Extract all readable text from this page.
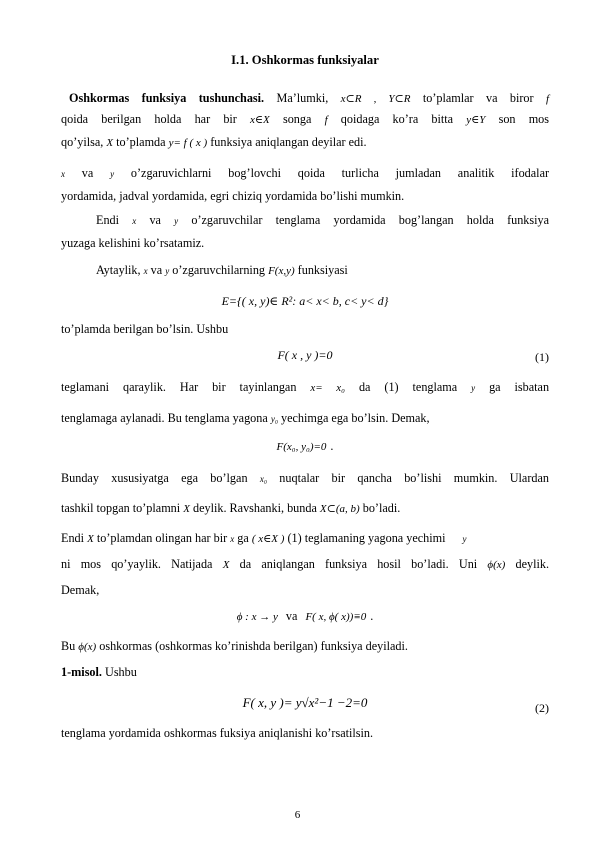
I.1. Oshkormas funksiyalar
Oshkormas funksiya tushunchasi. Ma’lumki, x⊂R , Y⊂R to’plamlar va biror f
qoida berilgan holda har bir x∈X songa f qoidaga ko’ra bitta y∈Y son mos
qo’yilsa, X to’plamda y= f ( x ) funksiya aniqlangan deyilar edi.
x va y o’zgaruvichlarni bog’lovchi qoida turlicha jumladan analitik ifodalar
yordamida, jadval yordamida, egri chiziq yordamida bo’lishi mumkin.
Endi x va y o’zgaruvchilar tenglama yordamida bog’langan holda funksiya
yuzaga kelishini ko’rsatamiz.
Aytaylik, x va y o’zgaruvchilarning F(x,y) funksiyasi
E={( x, y)∈ R²: a< x< b, c< y< d}
to’plamda berilgan bo’lsin. Ushbu
F( x , y )=0	(1)
teglamani qaraylik. Har bir tayinlangan x= x₀ da (1) tenglama y ga isbatan
tenglamaga aylanadi. Bu tenglama yagona y₀ yechimga ega bo’lsin. Demak,
F(x₀, y₀)=0 .
Bunday xususiyatga ega bo’lgan x₀ nuqtalar bir qancha bo’lishi mumkin. Ulardan
tashkil topgan to’plamni X deylik. Ravshanki, bunda X⊂(a, b) bo’ladi.
Endi X to’plamdan olingan har bir x ga ( x∈X ) (1) teglamaning yagona yechimi y
ni mos qo’yaylik. Natijada X da aniqlangan funksiya hosil bo’ladi. Uni ϕ(x) deylik.
Demak,
ϕ : x → y va F( x, ϕ( x))≡0 .
Bu ϕ(x) oshkormas (oshkormas ko’rinishda berilgan) funksiya deyiladi.
1-misol. Ushbu
F( x, y )= y√x²−1 −2=0	(2)
tenglama yordamida oshkormas fuksiya aniqlanishi ko’rsatilsin.
6
